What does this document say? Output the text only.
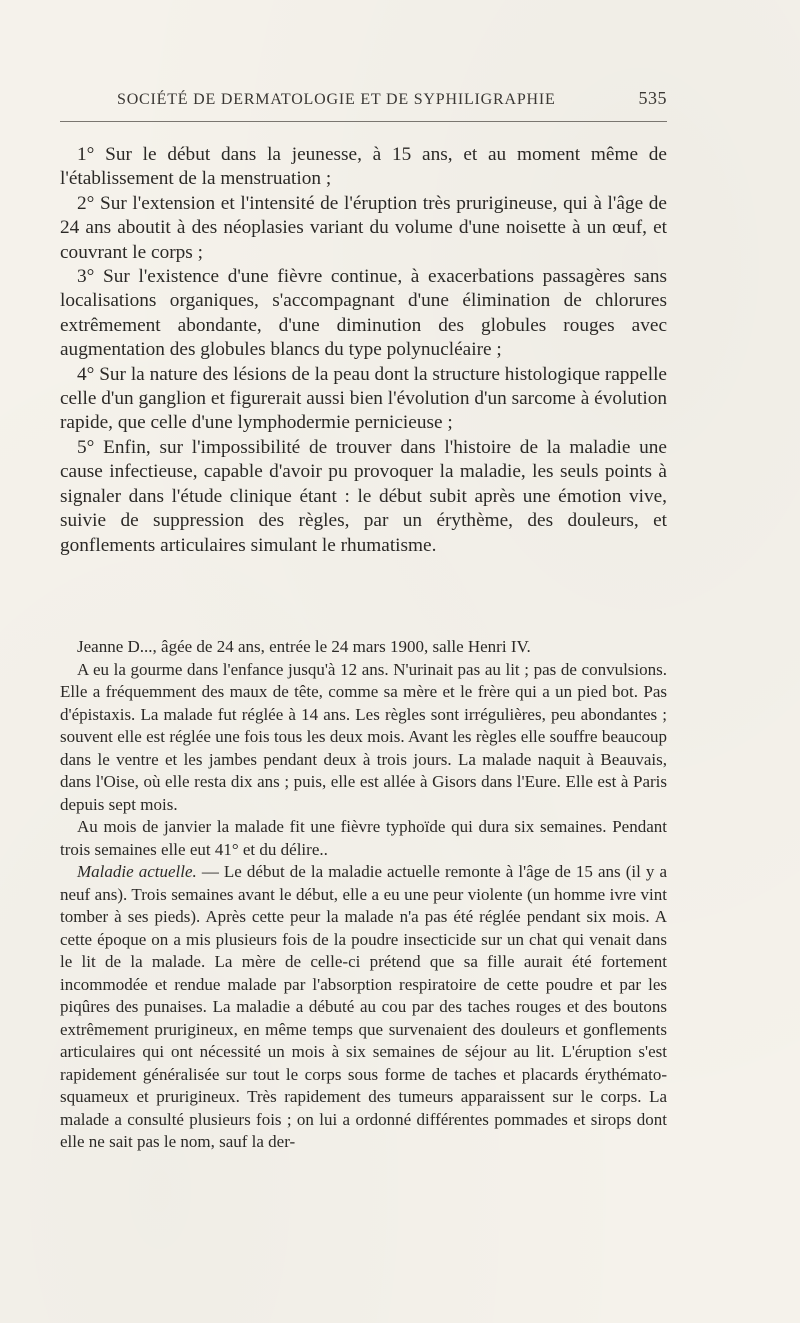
SOCIÉTÉ DE DERMATOLOGIE ET DE SYPHILIGRAPHIE	535

1° Sur le début dans la jeunesse, à 15 ans, et au moment même de l'établissement de la menstruation ;

2° Sur l'extension et l'intensité de l'éruption très prurigineuse, qui à l'âge de 24 ans aboutit à des néoplasies variant du volume d'une noisette à un œuf, et couvrant le corps ;

3° Sur l'existence d'une fièvre continue, à exacerbations passagères sans localisations organiques, s'accompagnant d'une élimination de chlorures extrêmement abondante, d'une diminution des globules rouges avec augmentation des globules blancs du type polynucléaire ;

4° Sur la nature des lésions de la peau dont la structure histologique rappelle celle d'un ganglion et figurerait aussi bien l'évolution d'un sarcome à évolution rapide, que celle d'une lymphodermie pernicieuse ;

5° Enfin, sur l'impossibilité de trouver dans l'histoire de la maladie une cause infectieuse, capable d'avoir pu provoquer la maladie, les seuls points à signaler dans l'étude clinique étant : le début subit après une émotion vive, suivie de suppression des règles, par un érythème, des douleurs, et gonflements articulaires simulant le rhumatisme.

Jeanne D..., âgée de 24 ans, entrée le 24 mars 1900, salle Henri IV.

A eu la gourme dans l'enfance jusqu'à 12 ans. N'urinait pas au lit ; pas de convulsions. Elle a fréquemment des maux de tête, comme sa mère et le frère qui a un pied bot. Pas d'épistaxis. La malade fut réglée à 14 ans. Les règles sont irrégulières, peu abondantes ; souvent elle est réglée une fois tous les deux mois. Avant les règles elle souffre beaucoup dans le ventre et les jambes pendant deux à trois jours. La malade naquit à Beauvais, dans l'Oise, où elle resta dix ans ; puis, elle est allée à Gisors dans l'Eure. Elle est à Paris depuis sept mois.

Au mois de janvier la malade fit une fièvre typhoïde qui dura six semaines. Pendant trois semaines elle eut 41° et du délire..

Maladie actuelle. — Le début de la maladie actuelle remonte à l'âge de 15 ans (il y a neuf ans). Trois semaines avant le début, elle a eu une peur violente (un homme ivre vint tomber à ses pieds). Après cette peur la malade n'a pas été réglée pendant six mois. A cette époque on a mis plusieurs fois de la poudre insecticide sur un chat qui venait dans le lit de la malade. La mère de celle-ci prétend que sa fille aurait été fortement incommodée et rendue malade par l'absorption respiratoire de cette poudre et par les piqûres des punaises. La maladie a débuté au cou par des taches rouges et des boutons extrêmement prurigineux, en même temps que survenaient des douleurs et gonflements articulaires qui ont nécessité un mois à six semaines de séjour au lit. L'éruption s'est rapidement généralisée sur tout le corps sous forme de taches et placards érythémato-squameux et prurigineux. Très rapidement des tumeurs apparaissent sur le corps. La malade a consulté plusieurs fois ; on lui a ordonné différentes pommades et sirops dont elle ne sait pas le nom, sauf la der-
